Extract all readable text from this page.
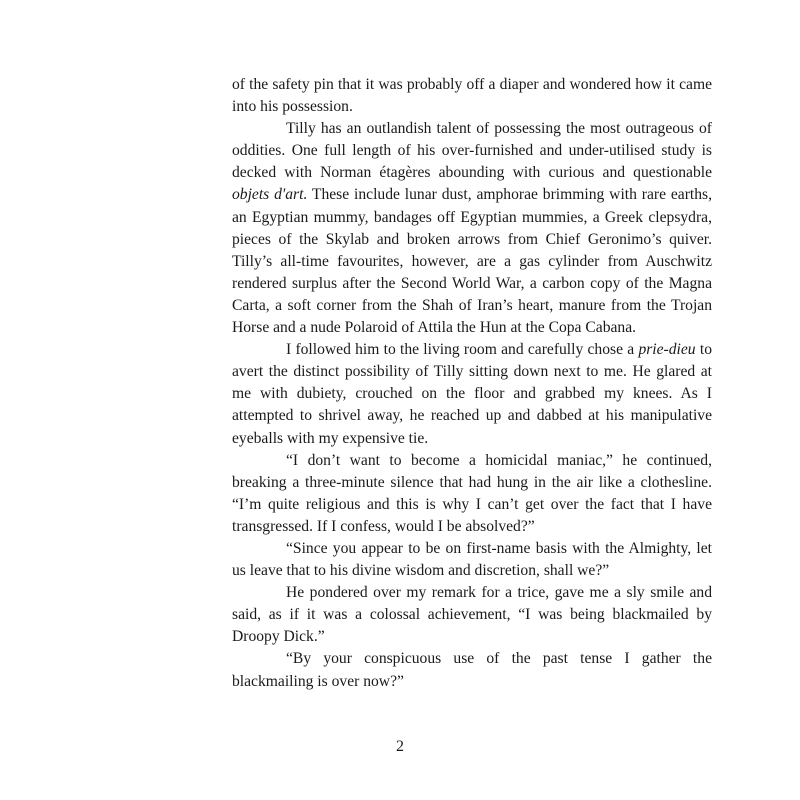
of the safety pin that it was probably off a diaper and wondered how it came into his possession.

Tilly has an outlandish talent of possessing the most outrageous of oddities. One full length of his over-furnished and under-utilised study is decked with Norman étagères abounding with curious and questionable objets d'art. These include lunar dust, amphorae brimming with rare earths, an Egyptian mummy, bandages off Egyptian mummies, a Greek clepsydra, pieces of the Skylab and broken arrows from Chief Geronimo’s quiver. Tilly’s all-time favourites, however, are a gas cylinder from Auschwitz rendered surplus after the Second World War, a carbon copy of the Magna Carta, a soft corner from the Shah of Iran’s heart, manure from the Trojan Horse and a nude Polaroid of Attila the Hun at the Copa Cabana.

I followed him to the living room and carefully chose a prie-dieu to avert the distinct possibility of Tilly sitting down next to me. He glared at me with dubiety, crouched on the floor and grabbed my knees. As I attempted to shrivel away, he reached up and dabbed at his manipulative eyeballs with my expensive tie.

“I don’t want to become a homicidal maniac,” he continued, breaking a three-minute silence that had hung in the air like a clothesline. “I’m quite religious and this is why I can’t get over the fact that I have transgressed. If I confess, would I be absolved?”

“Since you appear to be on first-name basis with the Almighty, let us leave that to his divine wisdom and discretion, shall we?”

He pondered over my remark for a trice, gave me a sly smile and said, as if it was a colossal achievement, “I was being blackmailed by Droopy Dick.”

“By your conspicuous use of the past tense I gather the blackmailing is over now?”

2
